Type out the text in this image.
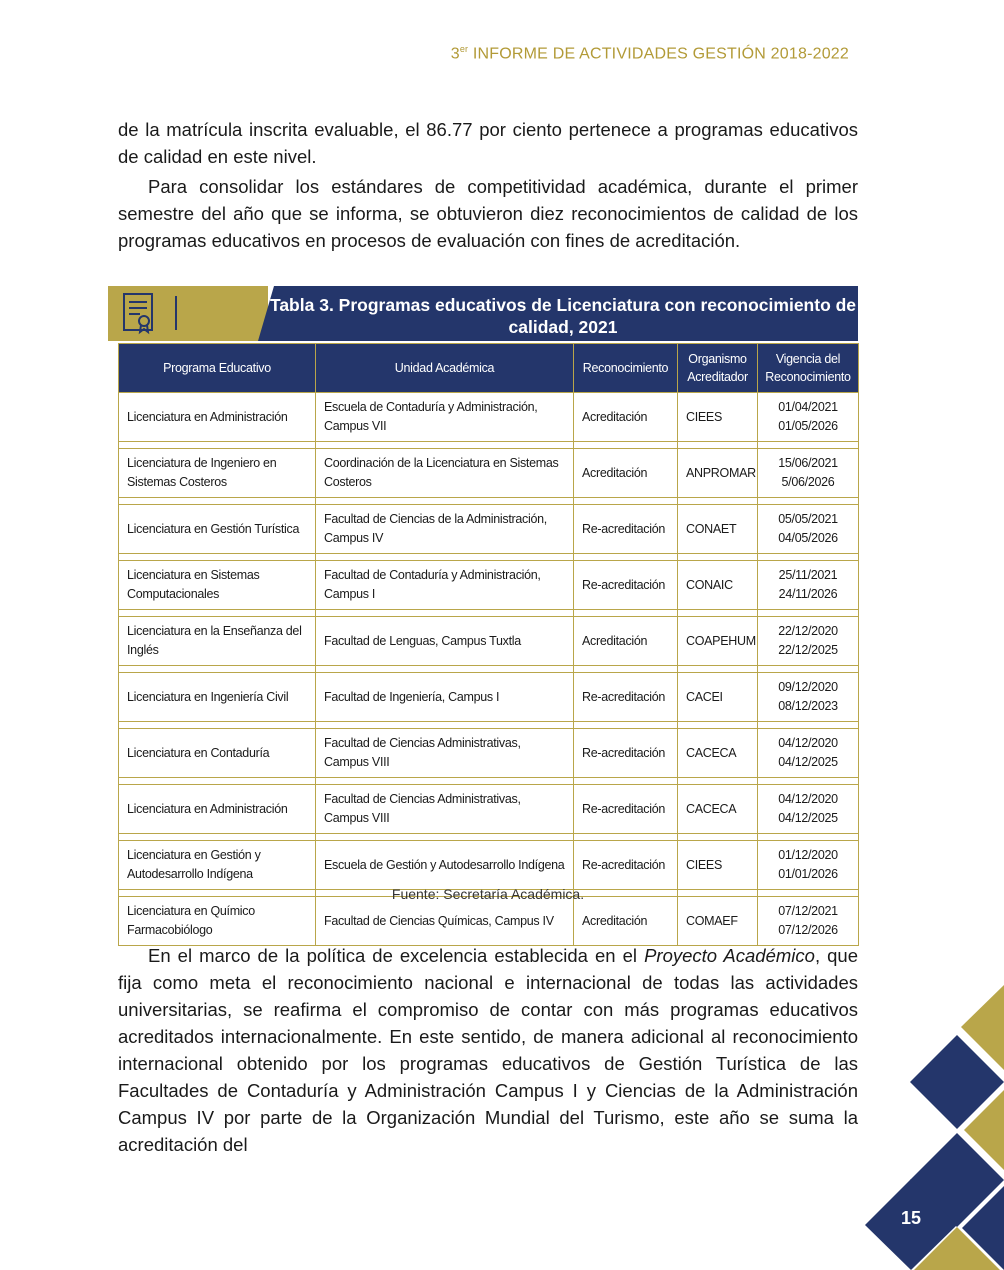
3er INFORME DE ACTIVIDADES GESTIÓN 2018-2022

de la matrícula inscrita evaluable, el 86.77 por ciento pertenece a programas educativos de calidad en este nivel.

Para consolidar los estándares de competitividad académica, durante el primer semestre del año que se informa, se obtuvieron diez reconocimientos de calidad de los programas educativos en procesos de evaluación con fines de acreditación.

Tabla 3. Programas educativos de Licenciatura con reconocimiento de calidad, 2021
Programa Educativo	Unidad Académica	Reconocimiento	Organismo Acreditador	Vigencia del Reconocimiento
Licenciatura en Administración	Escuela de Contaduría y Administración, Campus VII	Acreditación	CIEES	01/04/2021
01/05/2026

Licenciatura de Ingeniero en Sistemas Costeros	Coordinación de la Licenciatura en Sistemas Costeros	Acreditación	ANPROMAR	15/06/2021
5/06/2026

Licenciatura en Gestión Turística	Facultad de Ciencias de la Administración, Campus IV	Re-acreditación	CONAET	05/05/2021
04/05/2026

Licenciatura en Sistemas Computacionales	Facultad de Contaduría y Administración, Campus I	Re-acreditación	CONAIC	25/11/2021
24/11/2026

Licenciatura en la Enseñanza del Inglés	Facultad de Lenguas, Campus Tuxtla	Acreditación	COAPEHUM	22/12/2020
22/12/2025

Licenciatura en Ingeniería Civil	Facultad de Ingeniería, Campus I	Re-acreditación	CACEI	09/12/2020
08/12/2023

Licenciatura en Contaduría	Facultad de Ciencias Administrativas, Campus VIII	Re-acreditación	CACECA	04/12/2020
04/12/2025

Licenciatura en Administración	Facultad de Ciencias Administrativas, Campus VIII	Re-acreditación	CACECA	04/12/2020
04/12/2025

Licenciatura en Gestión y Autodesarrollo Indígena	Escuela de Gestión y Autodesarrollo Indígena	Re-acreditación	CIEES	01/12/2020
01/01/2026

Licenciatura en Químico Farmacobiólogo	Facultad de Ciencias Químicas, Campus IV	Acreditación	COMAEF	07/12/2021
07/12/2026
Fuente: Secretaría Académica.

En el marco de la política de excelencia establecida en el Proyecto Académico, que fija como meta el reconocimiento nacional e internacional de todas las actividades universitarias, se reafirma el compromiso de contar con más programas educativos acreditados internacionalmente. En este sentido, de manera adicional al reconocimiento internacional obtenido por los programas educativos de Gestión Turística de las Facultades de Contaduría y Administración Campus I y Ciencias de la Administración Campus IV por parte de la Organización Mundial del Turismo, este año se suma la acreditación del

15
